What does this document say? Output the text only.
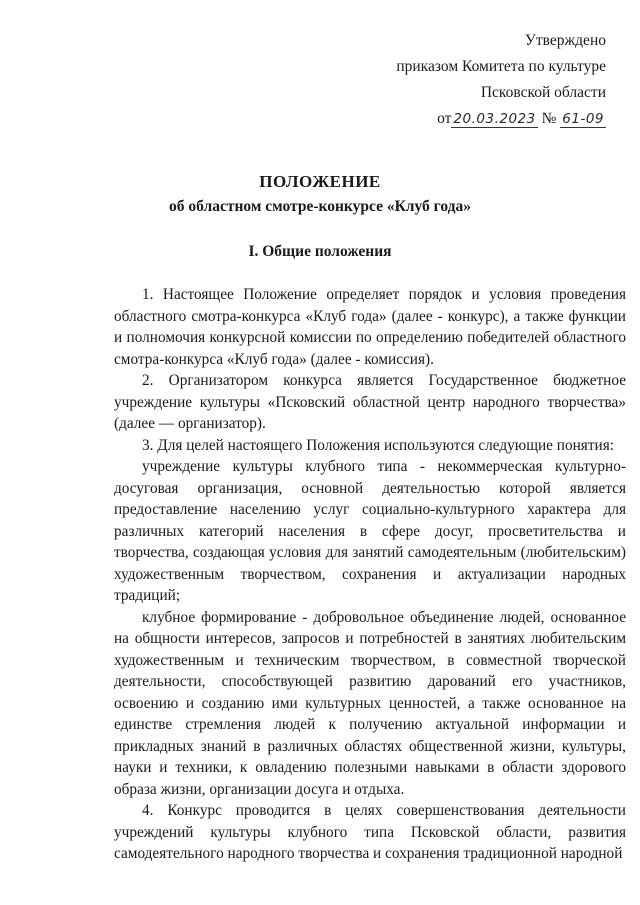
Утверждено
приказом Комитета по культуре
Псковской области
от 20.03.2023 № 61-09
ПОЛОЖЕНИЕ
об областном смотре-конкурсе «Клуб года»
I. Общие положения

1. Настоящее Положение определяет порядок и условия проведения областного смотра-конкурса «Клуб года» (далее - конкурс), а также функции и полномочия конкурсной комиссии по определению победителей областного смотра-конкурса «Клуб года» (далее - комиссия).

2. Организатором конкурса является Государственное бюджетное учреждение культуры «Псковский областной центр народного творчества» (далее — организатор).

3. Для целей настоящего Положения используются следующие понятия:

учреждение культуры клубного типа - некоммерческая культурно-досуговая организация, основной деятельностью которой является предоставление населению услуг социально-культурного характера для различных категорий населения в сфере досуг, просветительства и творчества, создающая условия для занятий самодеятельным (любительским) художественным творчеством, сохранения и актуализации народных традиций;

клубное формирование - добровольное объединение людей, основанное на общности интересов, запросов и потребностей в занятиях любительским художественным и техническим творчеством, в совместной творческой деятельности, способствующей развитию дарований его участников, освоению и созданию ими культурных ценностей, а также основанное на единстве стремления людей к получению актуальной информации и прикладных знаний в различных областях общественной жизни, культуры, науки и техники, к овладению полезными навыками в области здорового образа жизни, организации досуга и отдыха.

4. Конкурс проводится в целях совершенствования деятельности учреждений культуры клубного типа Псковской области, развития самодеятельного народного творчества и сохранения традиционной народной
